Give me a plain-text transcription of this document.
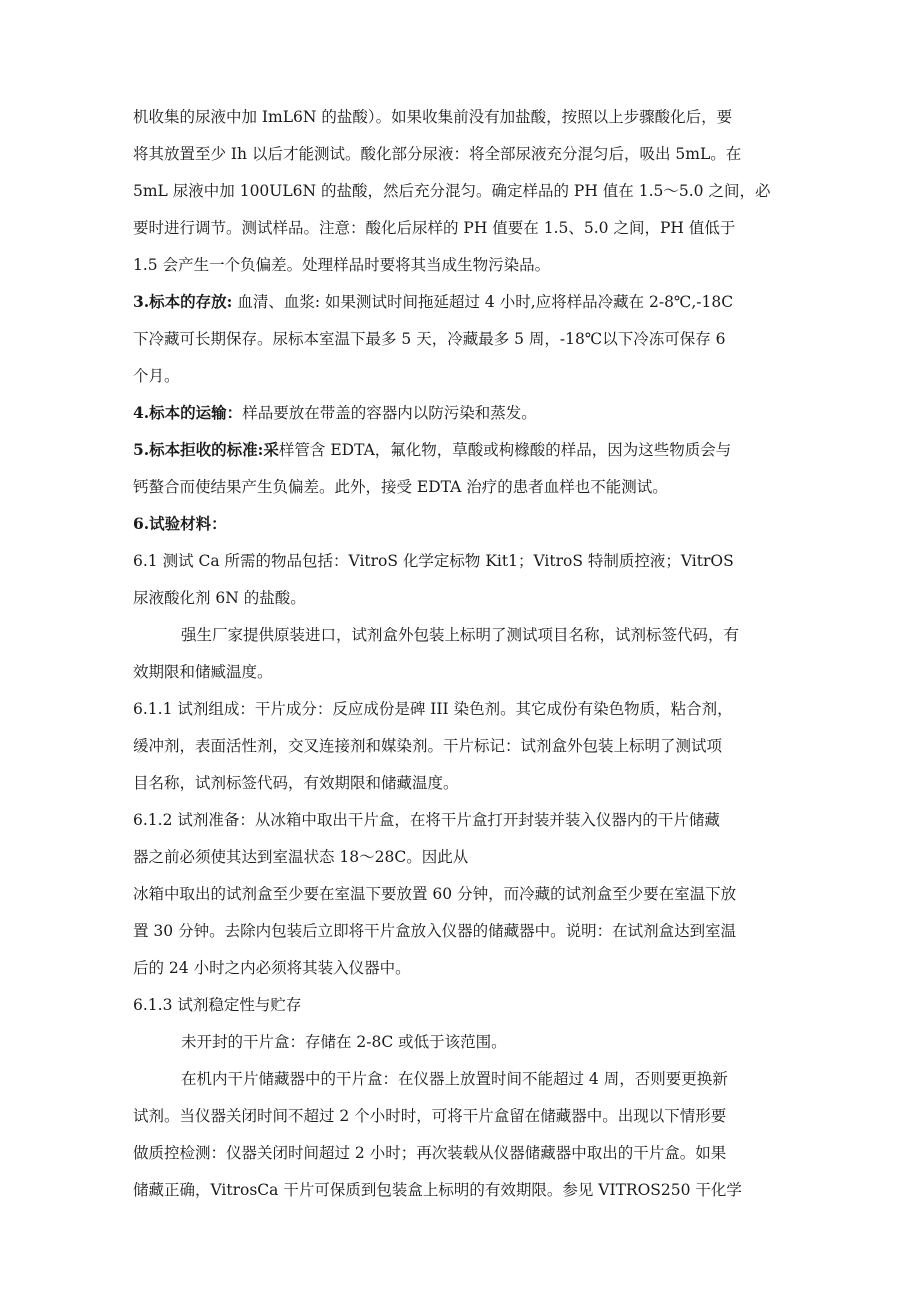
机收集的尿液中加 ImL6N 的盐酸）。如果收集前没有加盐酸，按照以上步骤酸化后，要
将其放置至少 Ih 以后才能测试。酸化部分尿液：将全部尿液充分混匀后，吸出 5mL。在
5mL 尿液中加 100UL6N 的盐酸，然后充分混匀。确定样品的 PH 值在 1.5～5.0 之间，必
要时进行调节。测试样品。注意：酸化后尿样的 PH 值要在 1.5、5.0 之间，PH 值低于
1.5 会产生一个负偏差。处理样品时要将其当成生物污染品。
3.标本的存放: 血清、血浆: 如果测试时间拖延超过 4 小时,应将样品冷藏在 2-8℃,-18C
下冷藏可长期保存。尿标本室温下最多 5 天，冷藏最多 5 周，-18℃以下冷冻可保存 6
个月。
4.标本的运输：样品要放在带盖的容器内以防污染和蒸发。
5.标本拒收的标准:采样管含 EDTA，氟化物，草酸或枸橼酸的样品，因为这些物质会与
钙螯合而使结果产生负偏差。此外，接受 EDTA 治疗的患者血样也不能测试。
6.试验材料：
6.1 测试 Ca 所需的物品包括：VitroS 化学定标物 Kit1；VitroS 特制质控液；VitrOS
尿液酸化剂 6N 的盐酸。
强生厂家提供原装进口，试剂盒外包装上标明了测试项目名称，试剂标签代码，有
效期限和储臧温度。
6.1.1 试剂组成：干片成分：反应成份是碑 III 染色剂。其它成份有染色物质，粘合剂，
缓冲剂，表面活性剂，交叉连接剂和媒染剂。干片标记：试剂盒外包装上标明了测试项
目名称，试剂标签代码，有效期限和储藏温度。
6.1.2 试剂准备：从冰箱中取出干片盒，在将干片盒打开封装并装入仪器内的干片储藏
器之前必须使其达到室温状态 18～28C。因此从
冰箱中取出的试剂盒至少要在室温下要放置 60 分钟，而冷藏的试剂盒至少要在室温下放
置 30 分钟。去除内包装后立即将干片盒放入仪器的储藏器中。说明：在试剂盒达到室温
后的 24 小时之内必须将其装入仪器中。
6.1.3 试剂稳定性与贮存
未开封的干片盒：存储在 2-8C 或低于该范围。
在机内干片储藏器中的干片盒：在仪器上放置时间不能超过 4 周，否则要更换新
试剂。当仪器关闭时间不超过 2 个小时时，可将干片盒留在储藏器中。出现以下情形要
做质控检测：仪器关闭时间超过 2 小时；再次装载从仪器储藏器中取出的干片盒。如果
储藏正确，VitrosCa 干片可保质到包装盒上标明的有效期限。参见 VITROS250 干化学
